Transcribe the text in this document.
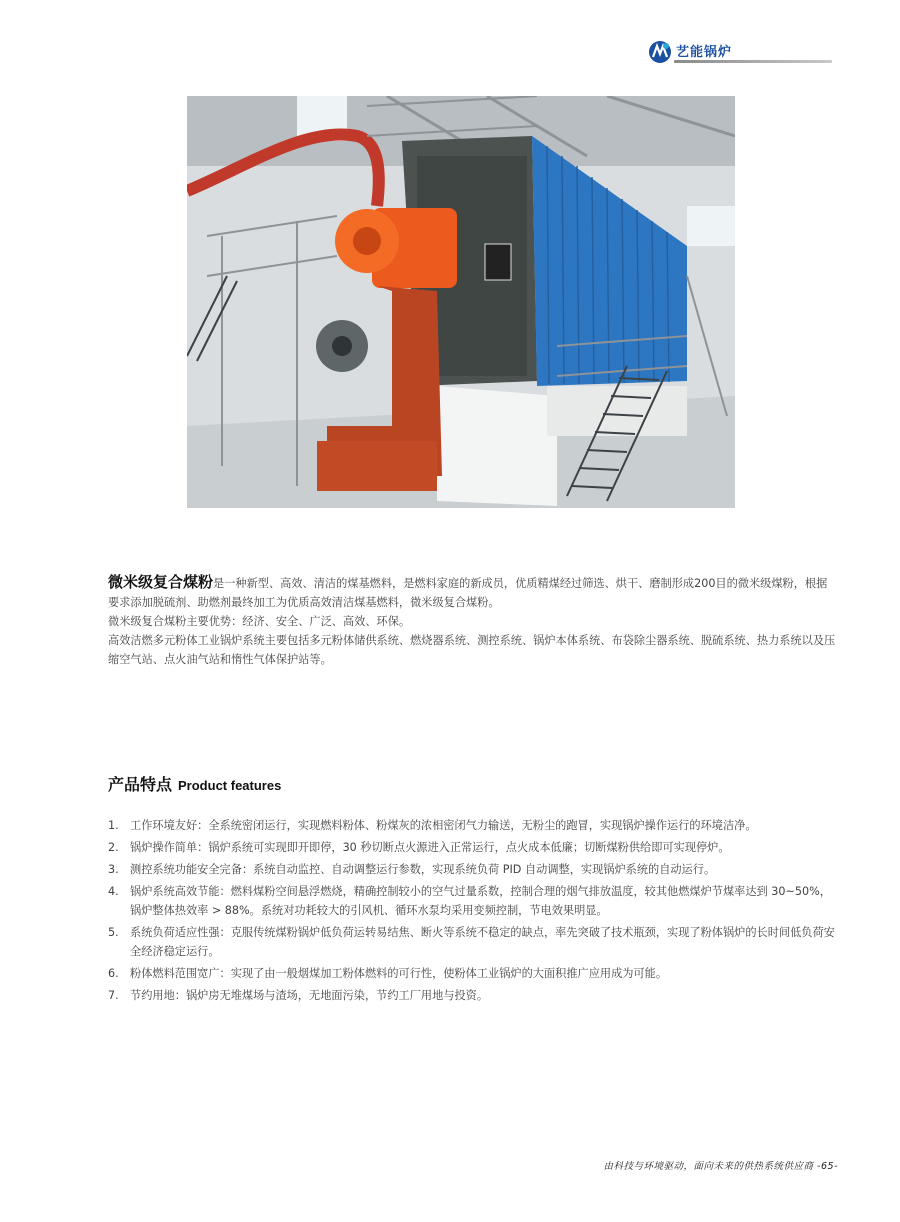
艺能锅炉

微米级复合煤粉是一种新型、高效、清洁的煤基燃料，是燃料家庭的新成员，优质精煤经过筛选、烘干、磨制形成200目的微米级煤粉，根据要求添加脱硫剂、助燃剂最终加工为优质高效清洁煤基燃料，微米级复合煤粉。

微米级复合煤粉主要优势：经济、安全、广泛、高效、环保。

高效洁燃多元粉体工业锅炉系统主要包括多元粉体储供系统、燃烧器系统、测控系统、锅炉本体系统、布袋除尘器系统、脱硫系统、热力系统以及压缩空气站、点火油气站和惰性气体保护站等。

产品特点 Product features
1. 工作环境友好：全系统密闭运行，实现燃料粉体、粉煤灰的浓相密闭气力输送，无粉尘的跑冒，实现锅炉操作运行的环境洁净。
2. 锅炉操作简单：锅炉系统可实现即开即停，30 秒切断点火源进入正常运行，点火成本低廉；切断煤粉供给即可实现停炉。
3. 测控系统功能安全完备：系统自动监控、自动调整运行参数，实现系统负荷 PID 自动调整，实现锅炉系统的自动运行。
4. 锅炉系统高效节能：燃料煤粉空间悬浮燃烧，精确控制较小的空气过量系数，控制合理的烟气排放温度，较其他燃煤炉节煤率达到 30~50%，锅炉整体热效率 > 88%。系统对功耗较大的引风机、循环水泵均采用变频控制，节电效果明显。
5. 系统负荷适应性强：克服传统煤粉锅炉低负荷运转易结焦、断火等系统不稳定的缺点，率先突破了技术瓶颈，实现了粉体锅炉的长时间低负荷安全经济稳定运行。
6. 粉体燃料范围宽广：实现了由一般烟煤加工粉体燃料的可行性，使粉体工业锅炉的大面积推广应用成为可能。
7. 节约用地：锅炉房无堆煤场与渣场，无地面污染，节约工厂用地与投资。
由科技与环境驱动，面向未来的供热系统供应商 -65-
